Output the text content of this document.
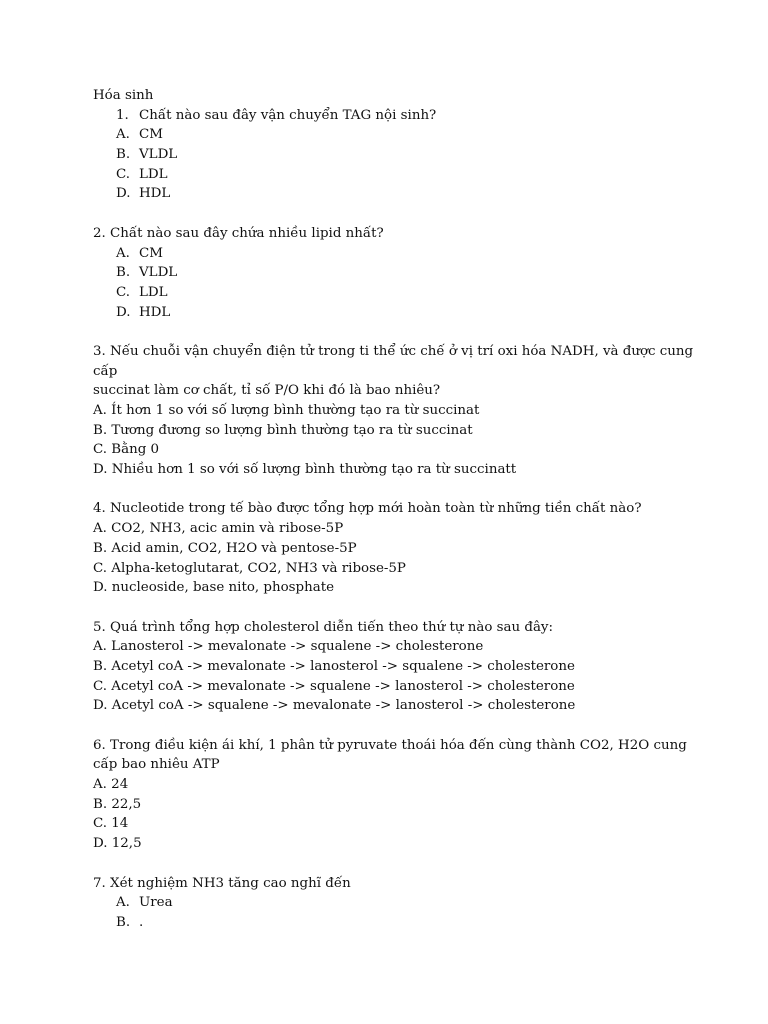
Hóa sinh
1. Chất nào sau đây vận chuyển TAG nội sinh?
A. CM
B. VLDL
C. LDL
D. HDL
2. Chất nào sau đây chứa nhiều lipid nhất?
A. CM
B. VLDL
C. LDL
D. HDL
3. Nếu chuỗi vận chuyển điện tử trong ti thể ức chế ở vị trí oxi hóa NADH, và được cung
cấp
succinat làm cơ chất, tỉ số P/O khi đó là bao nhiêu?
A. Ít hơn 1 so với số lượng bình thường tạo ra từ succinat
B. Tương đương so lượng bình thường tạo ra từ succinat
C. Bằng 0
D. Nhiều hơn 1 so với số lượng bình thường tạo ra từ succinatt
4. Nucleotide trong tế bào được tổng hợp mới hoàn toàn từ những tiền chất nào?
A. CO2, NH3, acic amin và ribose-5P
B. Acid amin, CO2, H2O và pentose-5P
C. Alpha-ketoglutarat, CO2, NH3 và ribose-5P
D. nucleoside, base nito, phosphate
5. Quá trình tổng hợp cholesterol diễn tiến theo thứ tự nào sau đây:
A. Lanosterol -> mevalonate -> squalene -> cholesterone
B. Acetyl coA -> mevalonate -> lanosterol -> squalene -> cholesterone
C. Acetyl coA -> mevalonate -> squalene -> lanosterol -> cholesterone
D. Acetyl coA -> squalene -> mevalonate -> lanosterol -> cholesterone
6. Trong điều kiện ái khí, 1 phân tử pyruvate thoái hóa đến cùng thành CO2, H2O cung
cấp bao nhiêu ATP
A. 24
B. 22,5
C. 14
D. 12,5
7. Xét nghiệm NH3 tăng cao nghĩ đến
A. Urea
B. .
